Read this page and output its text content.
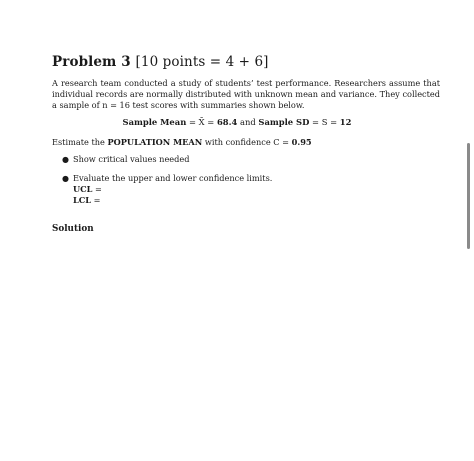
Problem 3 [10 points = 4 + 6]
A research team conducted a study of students’ test performance. Researchers assume that individual records are normally distributed with unknown mean and variance. They collected a sample of n = 16 test scores with summaries shown below.
Sample Mean = X̄ = 68.4 and Sample SD = S = 12
Estimate the POPULATION MEAN with confidence C = 0.95
● Show critical values needed
● Evaluate the upper and lower confidence limits.
UCL =
LCL =
Solution
